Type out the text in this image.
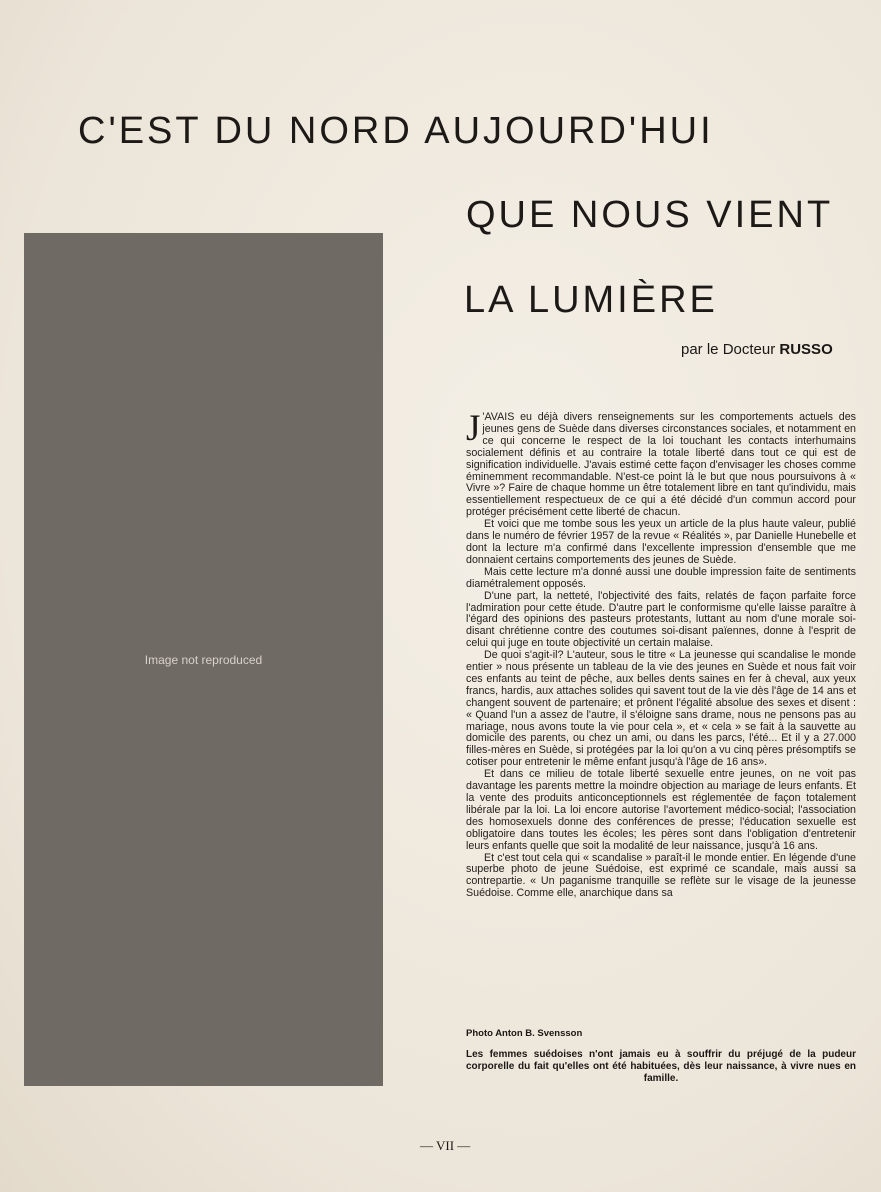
C'EST DU NORD AUJOURD'HUI
QUE NOUS VIENT
LA LUMIÈRE
par le Docteur RUSSO
Image not reproduced

J 'AVAIS eu déjà divers renseignements sur les comportements actuels des jeunes gens de Suède dans diverses circonstances sociales, et notamment en ce qui concerne le respect de la loi touchant les contacts interhumains socialement définis et au contraire la totale liberté dans tout ce qui est de signification individuelle. J'avais estimé cette façon d'envisager les choses comme éminemment recommandable. N'est-ce point là le but que nous poursuivons à « Vivre »? Faire de chaque homme un être totalement libre en tant qu'individu, mais essentiellement respectueux de ce qui a été décidé d'un commun accord pour protéger précisément cette liberté de chacun.

Et voici que me tombe sous les yeux un article de la plus haute valeur, publié dans le numéro de février 1957 de la revue « Réalités », par Danielle Hunebelle et dont la lecture m'a confirmé dans l'excellente impression d'ensemble que me donnaient certains comportements des jeunes de Suède.

Mais cette lecture m'a donné aussi une double impression faite de sentiments diamétralement opposés.

D'une part, la netteté, l'objectivité des faits, relatés de façon parfaite force l'admiration pour cette étude. D'autre part le conformisme qu'elle laisse paraître à l'égard des opinions des pasteurs protestants, luttant au nom d'une morale soi-disant chrétienne contre des coutumes soi-disant païennes, donne à l'esprit de celui qui juge en toute objectivité un certain malaise.

De quoi s'agit-il? L'auteur, sous le titre « La jeunesse qui scandalise le monde entier » nous présente un tableau de la vie des jeunes en Suède et nous fait voir ces enfants au teint de pêche, aux belles dents saines en fer à cheval, aux yeux francs, hardis, aux attaches solides qui savent tout de la vie dès l'âge de 14 ans et changent souvent de partenaire; et prônent l'égalité absolue des sexes et disent : « Quand l'un a assez de l'autre, il s'éloigne sans drame, nous ne pensons pas au mariage, nous avons toute la vie pour cela », et « cela » se fait à la sauvette au domicile des parents, ou chez un ami, ou dans les parcs, l'été... Et il y a 27.000 filles-mères en Suède, si protégées par la loi qu'on a vu cinq pères présomptifs se cotiser pour entretenir le même enfant jusqu'à l'âge de 16 ans».

Et dans ce milieu de totale liberté sexuelle entre jeunes, on ne voit pas davantage les parents mettre la moindre objection au mariage de leurs enfants. Et la vente des produits anticonceptionnels est réglementée de façon totalement libérale par la loi. La loi encore autorise l'avortement médico-social; l'association des homosexuels donne des conférences de presse; l'éducation sexuelle est obligatoire dans toutes les écoles; les pères sont dans l'obligation d'entretenir leurs enfants quelle que soit la modalité de leur naissance, jusqu'à 16 ans.

Et c'est tout cela qui « scandalise » paraît-il le monde entier. En légende d'une superbe photo de jeune Suédoise, est exprimé ce scandale, mais aussi sa contrepartie. « Un paganisme tranquille se reflète sur le visage de la jeunesse Suédoise. Comme elle, anarchique dans sa

Photo Anton B. Svensson
Les femmes suédoises n'ont jamais eu à souffrir du préjugé de la pudeur corporelle du fait qu'elles ont été habituées, dès leur naissance, à vivre nues en famille.
— VII —
